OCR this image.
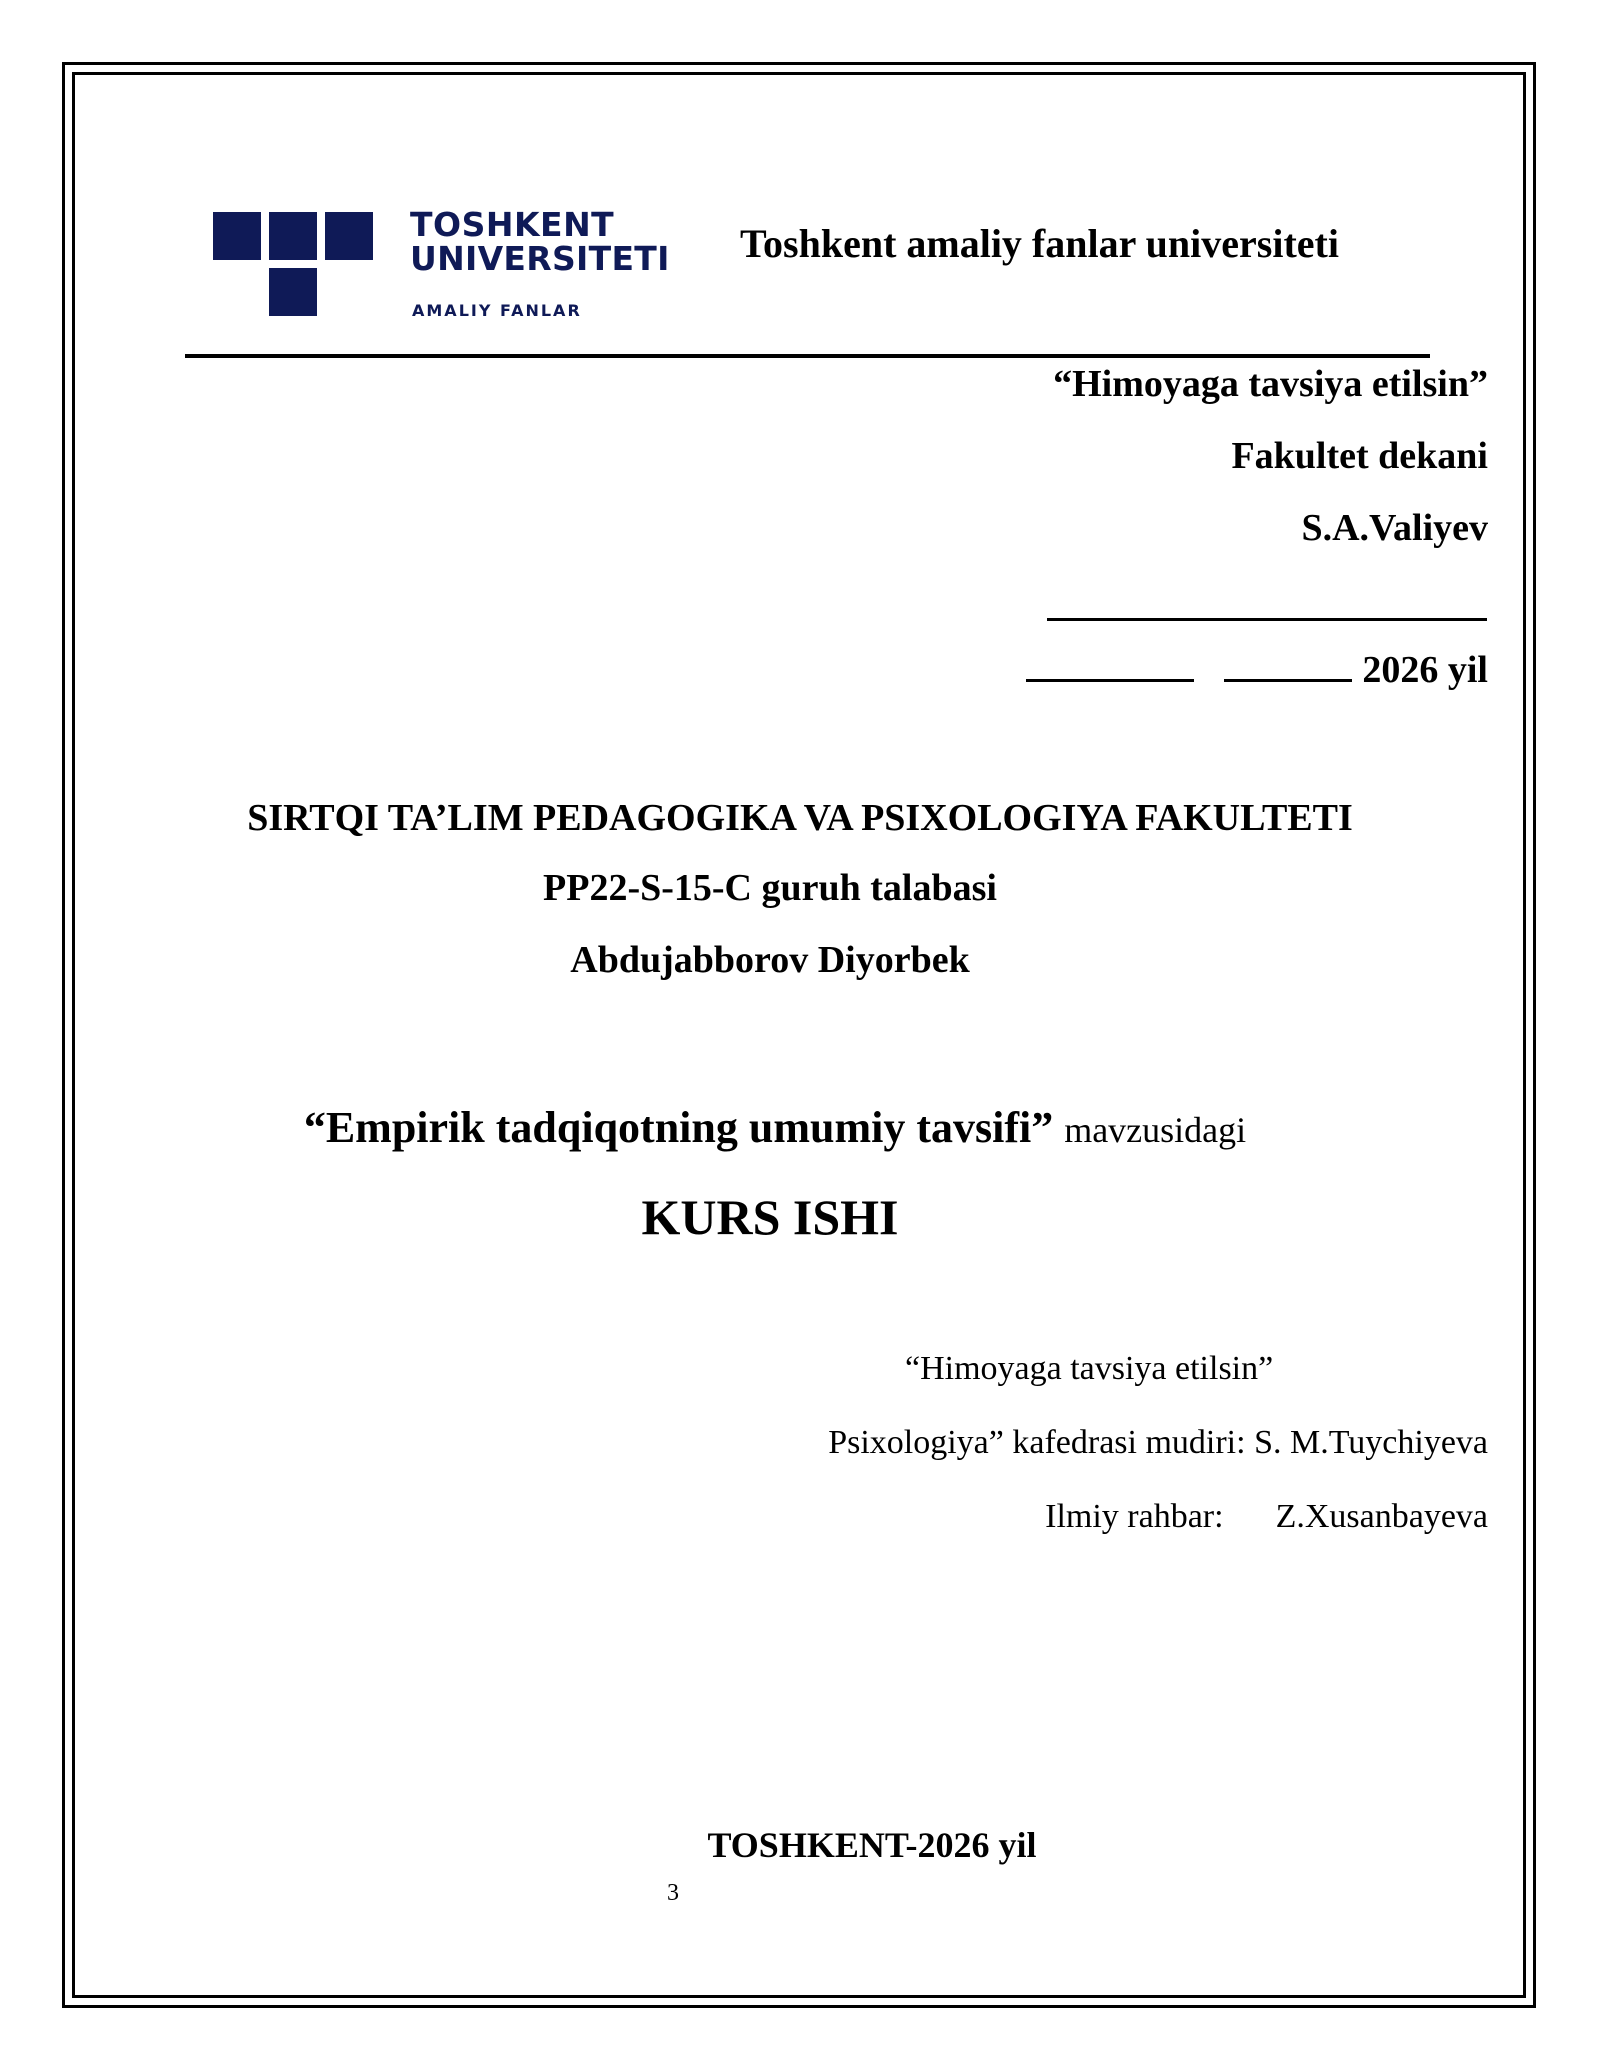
TOSHKENT
UNIVERSITETI
AMALIY FANLAR
Toshkent amaliy fanlar universiteti
“Himoyaga tavsiya etilsin”
Fakultet dekani
S.A.Valiyev
2026 yil
SIRTQI TA’LIM PEDAGOGIKA VA PSIXOLOGIYA FAKULTETI
PP22-S-15-C guruh talabasi
Abdujabborov Diyorbek
“Empirik tadqiqotning umumiy tavsifi” mavzusidagi
KURS ISHI
“Himoyaga tavsiya etilsin”
Psixologiya” kafedrasi mudiri: S. M.Tuychiyeva
Ilmiy rahbar: Z.Xusanbayeva
TOSHKENT-2026 yil
3
